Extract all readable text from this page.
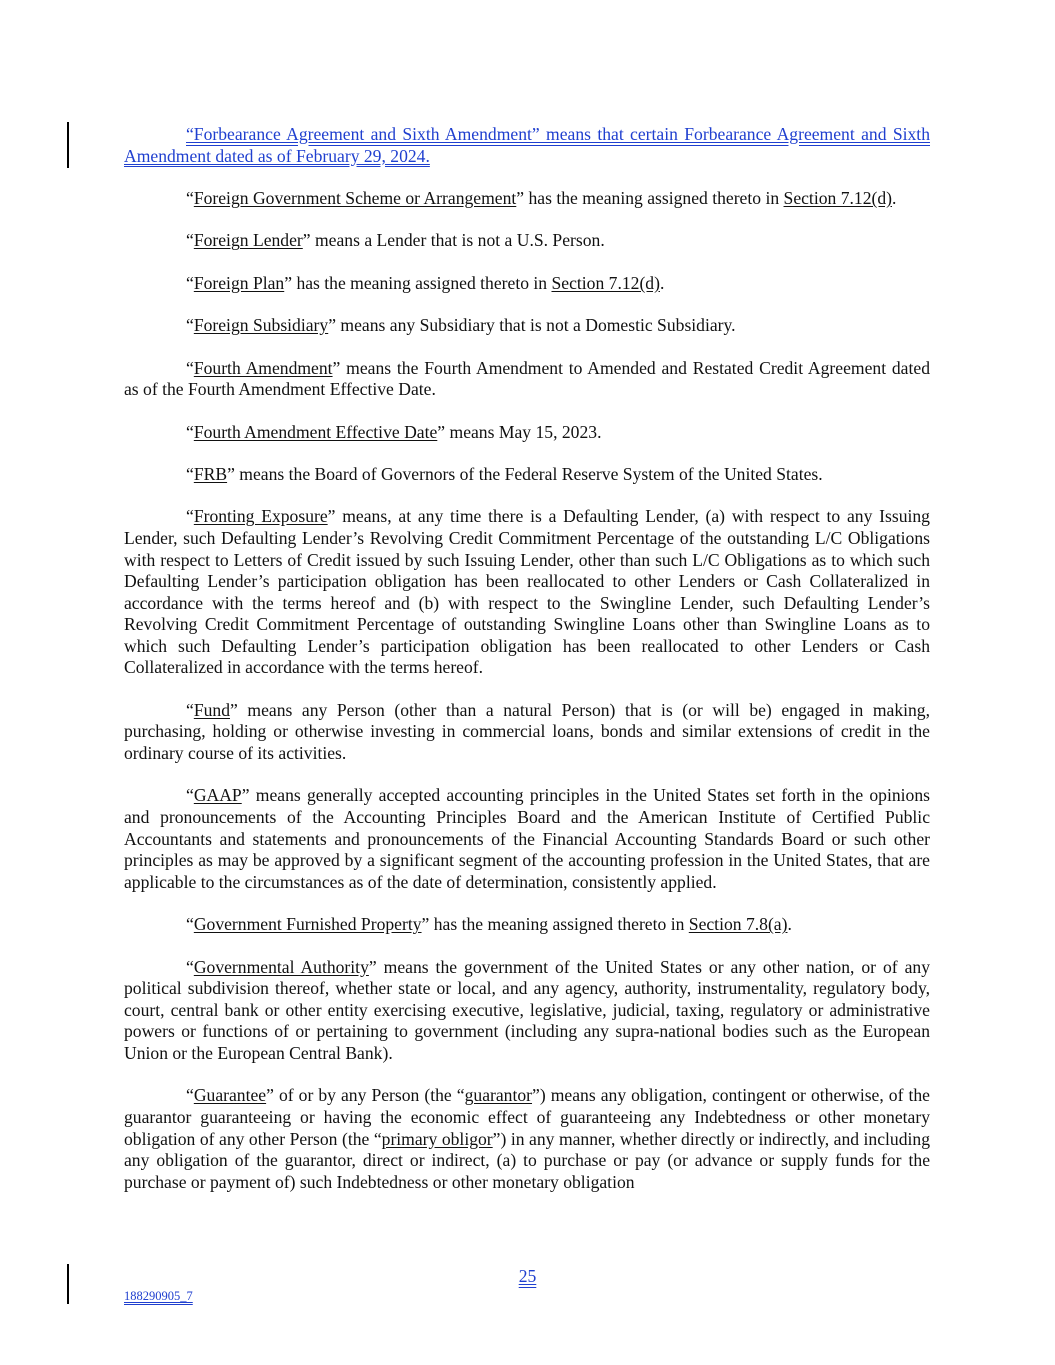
“Forbearance Agreement and Sixth Amendment” means that certain Forbearance Agreement and Sixth Amendment dated as of February 29, 2024.

“Foreign Government Scheme or Arrangement” has the meaning assigned thereto in Section 7.12(d).

“Foreign Lender” means a Lender that is not a U.S. Person.

“Foreign Plan” has the meaning assigned thereto in Section 7.12(d).

“Foreign Subsidiary” means any Subsidiary that is not a Domestic Subsidiary.

“Fourth Amendment” means the Fourth Amendment to Amended and Restated Credit Agreement dated as of the Fourth Amendment Effective Date.

“Fourth Amendment Effective Date” means May 15, 2023.

“FRB” means the Board of Governors of the Federal Reserve System of the United States.

“Fronting Exposure” means, at any time there is a Defaulting Lender, (a) with respect to any Issuing Lender, such Defaulting Lender’s Revolving Credit Commitment Percentage of the outstanding L/C Obligations with respect to Letters of Credit issued by such Issuing Lender, other than such L/C Obligations as to which such Defaulting Lender’s participation obligation has been reallocated to other Lenders or Cash Collateralized in accordance with the terms hereof and (b) with respect to the Swingline Lender, such Defaulting Lender’s Revolving Credit Commitment Percentage of outstanding Swingline Loans other than Swingline Loans as to which such Defaulting Lender’s participation obligation has been reallocated to other Lenders or Cash Collateralized in accordance with the terms hereof.

“Fund” means any Person (other than a natural Person) that is (or will be) engaged in making, purchasing, holding or otherwise investing in commercial loans, bonds and similar extensions of credit in the ordinary course of its activities.

“GAAP” means generally accepted accounting principles in the United States set forth in the opinions and pronouncements of the Accounting Principles Board and the American Institute of Certified Public Accountants and statements and pronouncements of the Financial Accounting Standards Board or such other principles as may be approved by a significant segment of the accounting profession in the United States, that are applicable to the circumstances as of the date of determination, consistently applied.

“Government Furnished Property” has the meaning assigned thereto in Section 7.8(a).

“Governmental Authority” means the government of the United States or any other nation, or of any political subdivision thereof, whether state or local, and any agency, authority, instrumentality, regulatory body, court, central bank or other entity exercising executive, legislative, judicial, taxing, regulatory or administrative powers or functions of or pertaining to government (including any supra-national bodies such as the European Union or the European Central Bank).

“Guarantee” of or by any Person (the “guarantor”) means any obligation, contingent or otherwise, of the guarantor guaranteeing or having the economic effect of guaranteeing any Indebtedness or other monetary obligation of any other Person (the “primary obligor”) in any manner, whether directly or indirectly, and including any obligation of the guarantor, direct or indirect, (a) to purchase or pay (or advance or supply funds for the purchase or payment of) such Indebtedness or other monetary obligation

25
188290905_7
